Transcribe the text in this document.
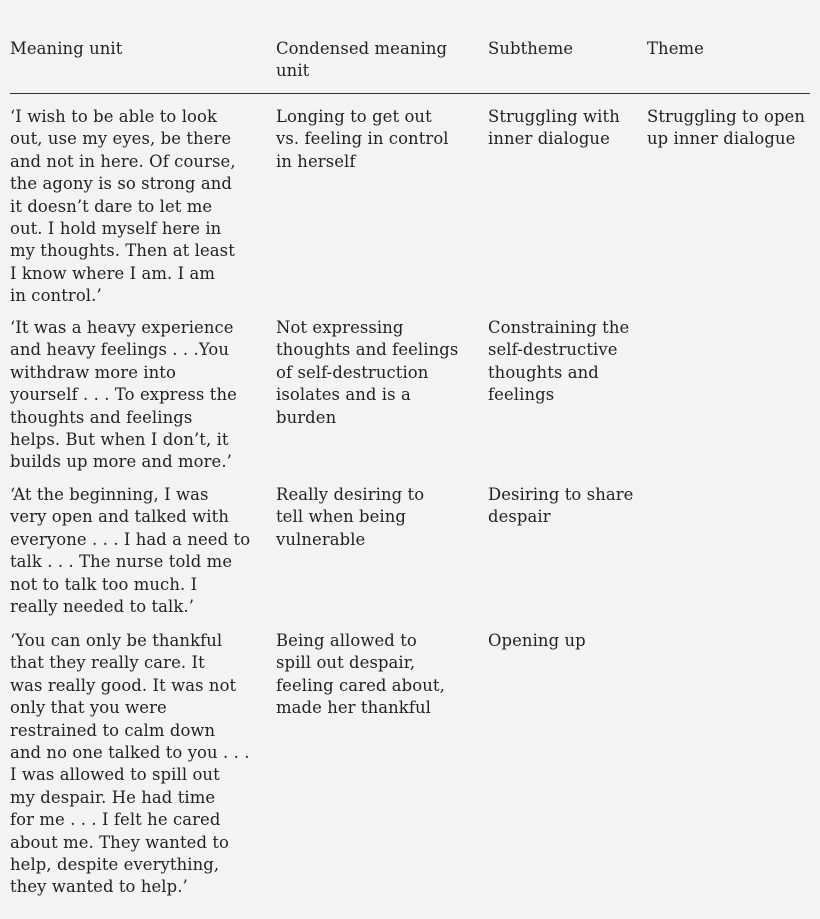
Meaning unit	Condensed meaning
unit
Subtheme	Theme
‘I wish to be able to look
out, use my eyes, be there
and not in here. Of course,
the agony is so strong and
it doesn’t dare to let me
out. I hold myself here in
my thoughts. Then at least
I know where I am. I am
in control.’
Longing to get out
vs. feeling in control
in herself
Struggling with
inner dialogue
Struggling to open
up inner dialogue
‘It was a heavy experience
and heavy feelings . . .You
withdraw more into
yourself . . . To express the
thoughts and feelings
helps. But when I don’t, it
builds up more and more.’
Not expressing
thoughts and feelings
of self-destruction
isolates and is a
burden
Constraining the
self-destructive
thoughts and
feelings
‘At the beginning, I was
very open and talked with
everyone . . . I had a need to
talk . . . The nurse told me
not to talk too much. I
really needed to talk.’
Really desiring to
tell when being
vulnerable
Desiring to share
despair
‘You can only be thankful
that they really care. It
was really good. It was not
only that you were
restrained to calm down
and no one talked to you . . .
I was allowed to spill out
my despair. He had time
for me . . . I felt he cared
about me. They wanted to
help, despite everything,
they wanted to help.’
Being allowed to
spill out despair,
feeling cared about,
made her thankful
Opening up
